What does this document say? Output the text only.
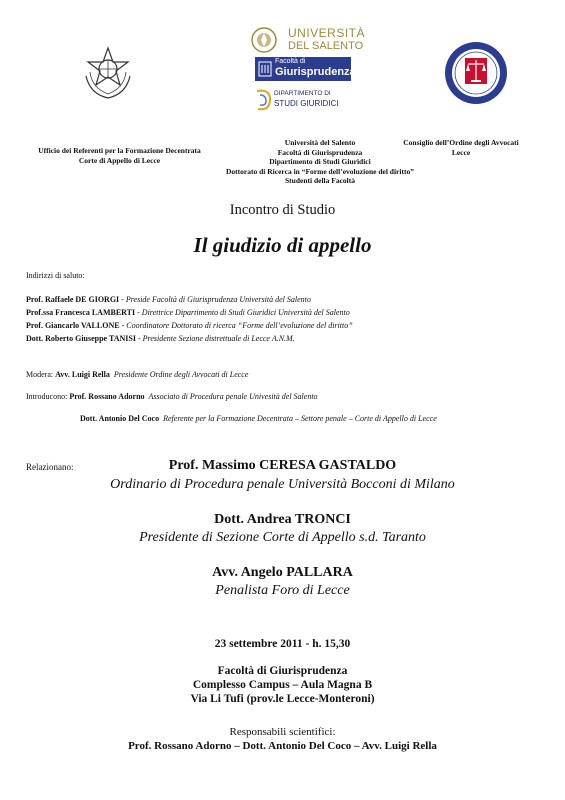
UNIVERSITÀ
DEL SALENTO
Facoltà di
Giurisprudenza
DIPARTIMENTO DI
STUDI GIURIDICI
Ufficio dei Referenti per la Formazione Decentrata
Corte di Appello di Lecce
Università del Salento
Facoltà di Giurisprudenza
Dipartimento di Studi Giuridici
Dottorato di Ricerca in “Forme dell’evoluzione del diritto”
Studenti della Facoltà
Consiglio dell’Ordine degli Avvocati
Lecce
Incontro di Studio
Il giudizio di appello
Indirizzi di saluto:
Prof. Raffaele DE GIORGI - Preside Facoltà di Giurisprudenza Università del Salento
Prof.ssa Francesca LAMBERTI - Direttrice Dipartimento di Studi Giuridici Università del Salento
Prof. Giancarlo VALLONE - Coordinatore Dottorato di ricerca “Forme dell’evoluzione del diritto”
Dott. Roberto Giuseppe TANISI - Presidente Sezione distrettuale di Lecce A.N.M.
Modera: Avv. Luigi Rella Presidente Ordine degli Avvocati di Lecce
Introducono: Prof. Rossano Adorno Associato di Procedura penale Univesità del Salento
Dott. Antonio Del Coco Referente per la Formazione Decentrata – Settore penale – Corte di Appello di Lecce
Relazionano:	Prof. Massimo CERESA GASTALDO
Ordinario di Procedura penale Università Bocconi di Milano
Dott. Andrea TRONCI
Presidente di Sezione Corte di Appello s.d. Taranto
Avv. Angelo PALLARA
Penalista Foro di Lecce
23 settembre 2011 - h. 15,30
Facoltà di Giurisprudenza
Complesso Campus – Aula Magna B
Via Li Tufi (prov.le Lecce-Monteroni)
Responsabili scientifici:
Prof. Rossano Adorno – Dott. Antonio Del Coco – Avv. Luigi Rella
